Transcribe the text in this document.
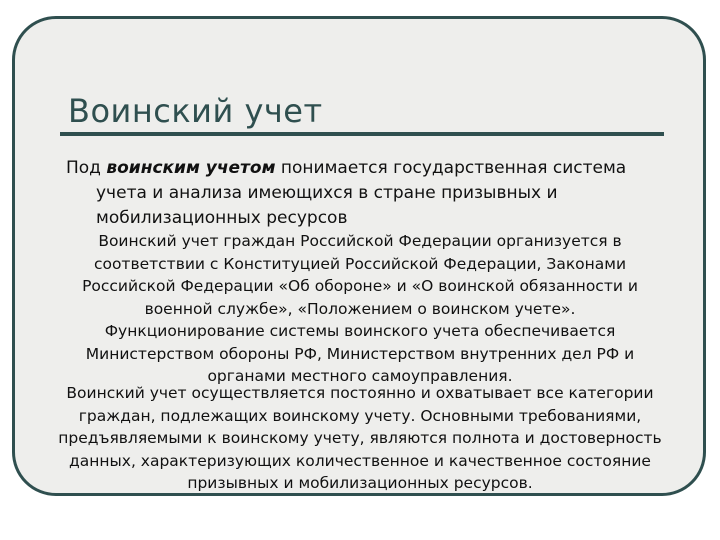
Воинский учет
Под воинским учетом понимается государственная система
учета и анализа имеющихся в стране призывных и
мобилизационных ресурсов
Воинский учет граждан Российской Федерации организуется в
соответствии с Конституцией Российской Федерации, Законами
Российской Федерации «Об обороне» и «О воинской обязанности и
военной службе», «Положением о воинском учете».
Функционирование системы воинского учета обеспечивается
Министерством обороны РФ, Министерством внутренних дел РФ и
органами местного самоуправления.
Воинский учет осуществляется постоянно и охватывает все категории
граждан, подлежащих воинскому учету. Основными требованиями,
предъявляемыми к воинскому учету, являются полнота и достоверность
данных, характеризующих количественное и качественное состояние
призывных и мобилизационных ресурсов.
